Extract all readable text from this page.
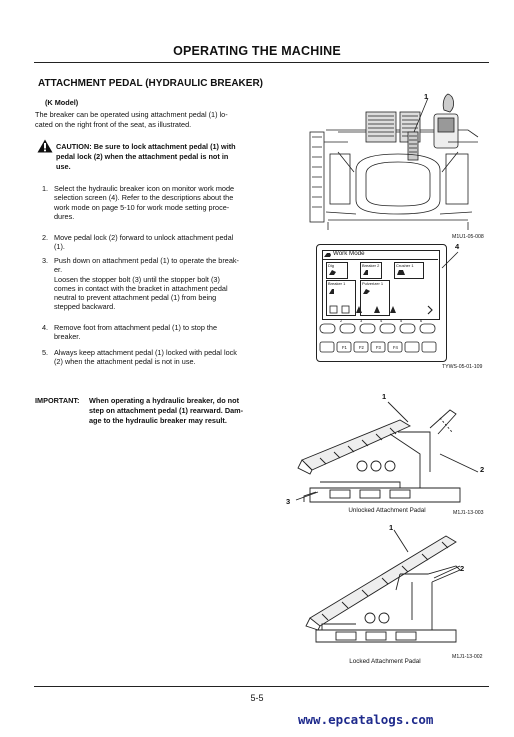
OPERATING THE MACHINE
ATTACHMENT PEDAL (HYDRAULIC BREAKER)
(K Model)
The breaker can be operated using attachment pedal (1) lo-
cated on the right front of the seat, as illustrated.
CAUTION: Be sure to lock attachment pedal (1) with
pedal lock (2) when the attachment pedal is not in
use.
1. Select the hydraulic breaker icon on monitor work mode
selection screen (4). Refer to the descriptions about the
work mode on page 5-10 for work mode setting proce-
dures.
2. Move pedal lock (2) forward to unlock attachment pedal
(1).
3. Push down on attachment pedal (1) to operate the break-
er.
Loosen the stopper bolt (3) until the stopper bolt (3)
comes in contact with the bracket in attachment pedal
neutral to prevent attachment pedal (1) from being
stepped backward.
4. Remove foot from attachment pedal (1) to stop the
breaker.
5. Always keep attachment pedal (1) locked with pedal lock
(2) when the attachment pedal is not in use.
IMPORTANT: When operating a hydraulic breaker, do not
step on attachment pedal (1) rearward. Dam-
age to the hydraulic breaker may result.
1
M1U1-05-008
Work Mode
Dig	Breaker 2	Crusher 1
Breaker 1	Pulverizer 1
2	3	4	5	6
F1	F2	F3	F4
4
TYWS-05-01-109
1
2
3
Unlocked Attachment Padal	M1J1-13-003
1
2
Locked Attachment Padal
M1J1-13-002
5-5
www.epcatalogs.com
